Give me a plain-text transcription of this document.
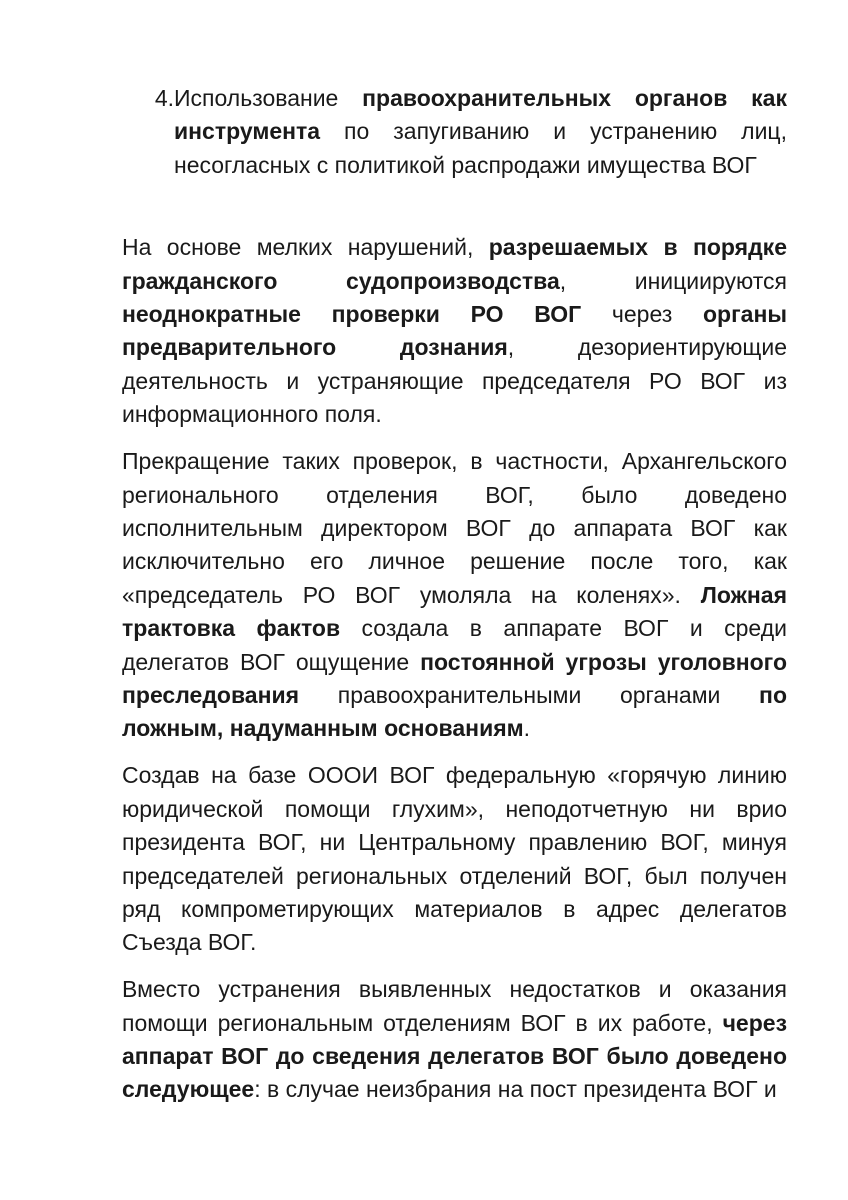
4. Использование правоохранительных органов как инструмента по запугиванию и устранению лиц, несогласных с политикой распродажи имущества ВОГ

На основе мелких нарушений, разрешаемых в порядке гражданского судопроизводства, инициируются неоднократные проверки РО ВОГ через органы предварительного дознания, дезориентирующие деятельность и устраняющие председателя РО ВОГ из информационного поля.

Прекращение таких проверок, в частности, Архангельского регионального отделения ВОГ, было доведено исполнительным директором ВОГ до аппарата ВОГ как исключительно его личное решение после того, как «председатель РО ВОГ умоляла на коленях». Ложная трактовка фактов создала в аппарате ВОГ и среди делегатов ВОГ ощущение постоянной угрозы уголовного преследования правоохранительными органами по ложным, надуманным основаниям.

Создав на базе ОООИ ВОГ федеральную «горячую линию юридической помощи глухим», неподотчетную ни врио президента ВОГ, ни Центральному правлению ВОГ, минуя председателей региональных отделений ВОГ, был получен ряд компрометирующих материалов в адрес делегатов Съезда ВОГ.

Вместо устранения выявленных недостатков и оказания помощи региональным отделениям ВОГ в их работе, через аппарат ВОГ до сведения делегатов ВОГ было доведено следующее: в случае неизбрания на пост президента ВОГ и
